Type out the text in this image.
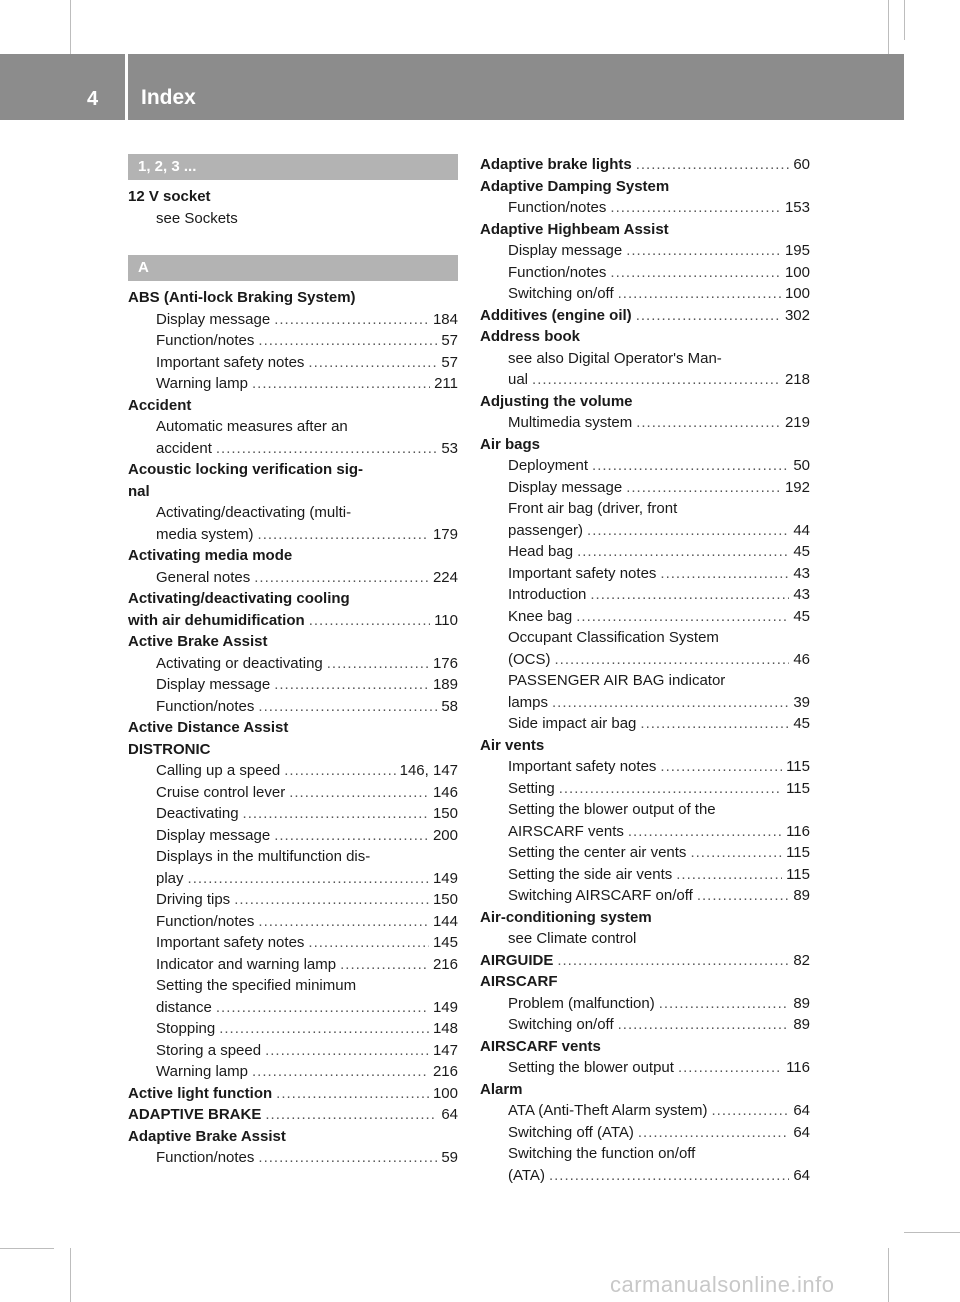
4 Index
1, 2, 3 ...
12 V socket
see Sockets
A
ABS (Anti-lock Braking System)
Display message .....	184
Function/notes .....	57
Important safety notes .....	57
Warning lamp .....	211
Accident
Automatic measures after an
accident .....	53
Acoustic locking verification sig-
nal
Activating/deactivating (multi-
media system) .....	179
Activating media mode
General notes .....	224
Activating/deactivating cooling
with air dehumidification .....	110
Active Brake Assist
Activating or deactivating .....	176
Display message .....	189
Function/notes .....	58
Active Distance Assist
DISTRONIC
Calling up a speed .....	146, 147
Cruise control lever .....	146
Deactivating .....	150
Display message .....	200
Displays in the multifunction dis-
play .....	149
Driving tips .....	150
Function/notes .....	144
Important safety notes .....	145
Indicator and warning lamp .....	216
Setting the specified minimum
distance .....	149
Stopping .....	148
Storing a speed .....	147
Warning lamp .....	216
Active light function .....	100
ADAPTIVE BRAKE .....	64
Adaptive Brake Assist
Function/notes .....	59
Adaptive brake lights .....	60
Adaptive Damping System
Function/notes .....	153
Adaptive Highbeam Assist
Display message .....	195
Function/notes .....	100
Switching on/off .....	100
Additives (engine oil) .....	302
Address book
see also Digital Operator's Man-
ual .....	218
Adjusting the volume
Multimedia system .....	219
Air bags
Deployment .....	50
Display message .....	192
Front air bag (driver, front
passenger) .....	44
Head bag .....	45
Important safety notes .....	43
Introduction .....	43
Knee bag .....	45
Occupant Classification System
(OCS) .....	46
PASSENGER AIR BAG indicator
lamps .....	39
Side impact air bag .....	45
Air vents
Important safety notes .....	115
Setting .....	115
Setting the blower output of the
AIRSCARF vents .....	116
Setting the center air vents .....	115
Setting the side air vents .....	115
Switching AIRSCARF on/off .....	89
Air-conditioning system
see Climate control
AIRGUIDE .....	82
AIRSCARF
Problem (malfunction) .....	89
Switching on/off .....	89
AIRSCARF vents
Setting the blower output .....	116
Alarm
ATA (Anti-Theft Alarm system) .....	64
Switching off (ATA) .....	64
Switching the function on/off
(ATA) .....	64
carmanualsonline.info
